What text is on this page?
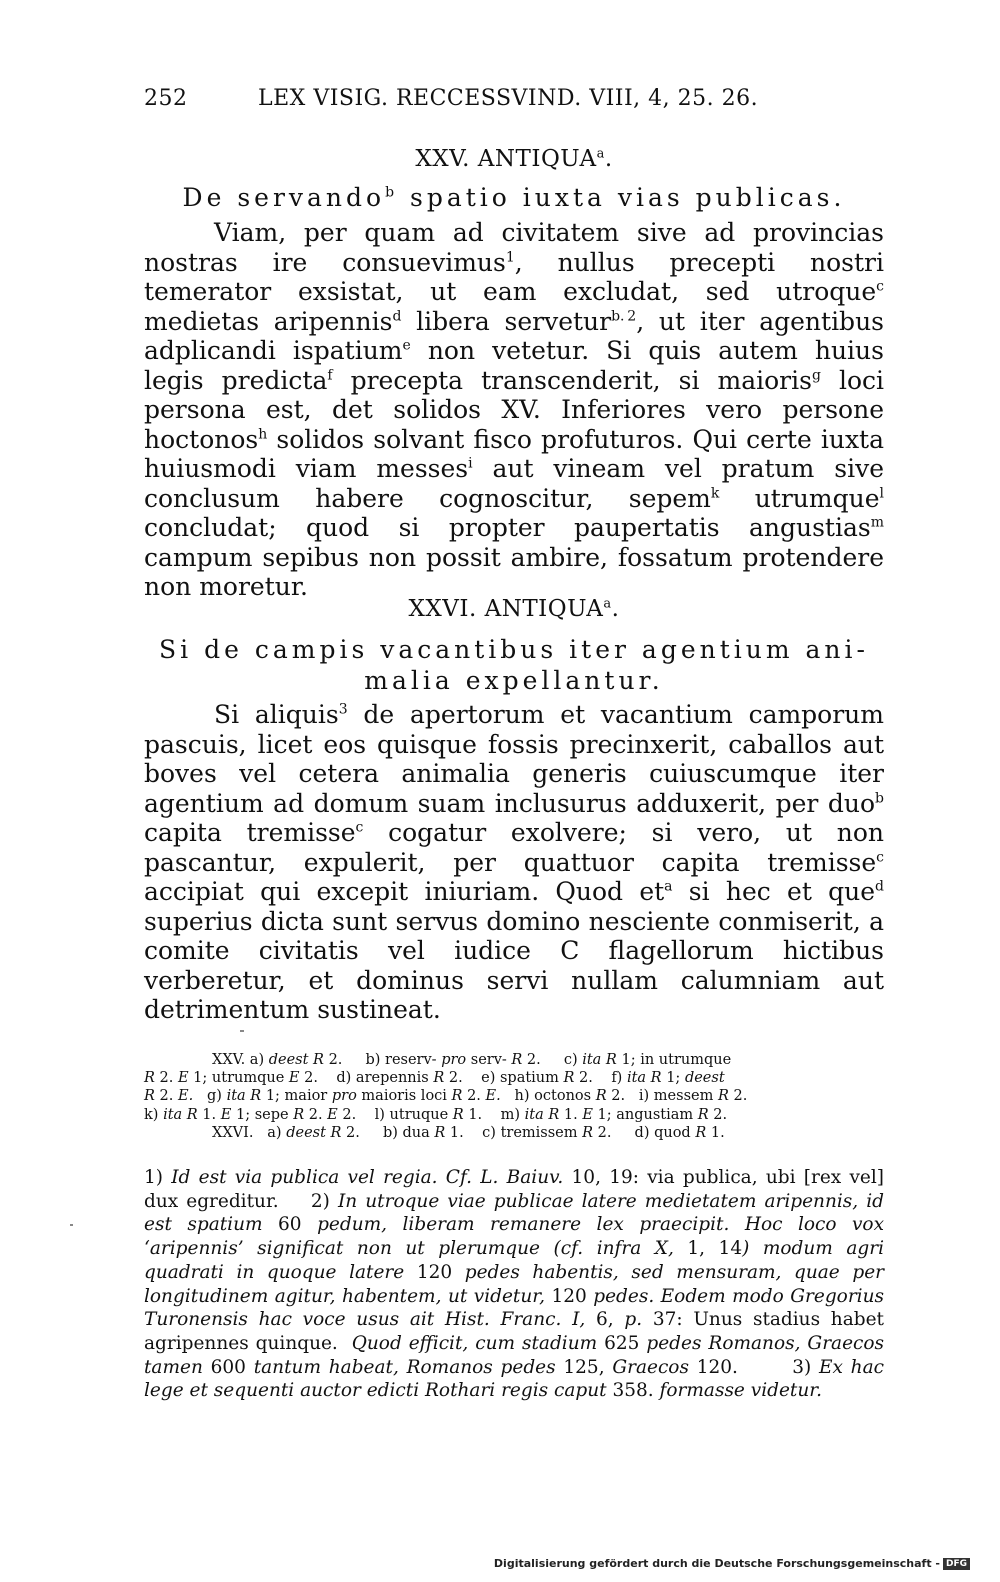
252	LEX VISIG. RECCESSVIND. VIII, 4, 25. 26.
XXV. ANTIQUA$^a$.
De servando$^b$ spatio iuxta vias publicas.
Viam, per quam ad civitatem sive ad provincias nostras ire consuevimus$^1$, nullus precepti nostri temerator exsistat, ut eam excludat, sed utroque$^c$ medietas aripennis$^d$ libera servetur$^{b. 2}$, ut iter agentibus adplicandi ispatium$^e$ non vetetur. Si quis autem huius legis predicta$^f$ precepta transcenderit, si maioris$^g$ loci persona est, det solidos XV. Inferiores vero persone hoctonos$^h$ solidos solvant fisco profuturos. Qui certe iuxta huiusmodi viam messes$^i$ aut vineam vel pratum sive conclusum habere cognoscitur, sepem$^k$ utrumque$^l$ concludat; quod si propter paupertatis angustias$^m$ campum sepibus non possit ambire, fossatum protendere non moretur.
XXVI. ANTIQUA$^a$.
Si de campis vacantibus iter agentium ani-
malia expellantur.
Si aliquis$^3$ de apertorum et vacantium camporum pascuis, licet eos quisque fossis precinxerit, caballos aut boves vel cetera animalia generis cuiuscumque iter agentium ad domum suam inclusurus adduxerit, per duo$^b$ capita tremisse$^c$ cogatur exolvere; si vero, ut non pascantur, expulerit, per quattuor capita tremisse$^c$ accipiat qui excepit iniuriam. Quod $et^a$ si hec et que$^d$ superius dicta sunt servus domino nesciente conmiserit, a comite civitatis vel iudice C flagellorum hictibus verberetur, et dominus servi nullam calumniam aut detrimentum sustineat.
XXV. a) deest R 2.     b) reserv- pro serv- R 2.     c) ita R 1; in utrumque
R 2. E 1; utrumque E 2.    d) arepennis R 2.    e) spatium R 2.    f) ita R 1; deest
R 2. E.   g) ita R 1; maior pro maioris loci R 2. E.   h) octonos R 2.   i) messem R 2.
k) ita R 1. E 1; sepe R 2. E 2.    l) utruque R 1.    m) ita R 1. E 1; angustiam R 2.
XXVI.   a) deest R 2.     b) dua R 1.    c) tremissem R 2.     d) quod R 1.
1) Id est via publica vel regia. Cf. L. Baiuv. 10, 19: via publica, ubi [rex vel] dux egreditur.    2) In utroque viae publicae latere medietatem aripennis, id est spatium 60 pedum, liberam remanere lex praecipit. Hoc loco vox ‘aripennis’ significat non ut plerumque (cf. infra X, 1, 14) modum agri quadrati in quoque latere 120 pedes habentis, sed mensuram, quae per longitudinem agitur, habentem, ut videtur, 120 pedes. Eodem modo Gregorius Turonensis hac voce usus ait Hist. Franc. I, 6, p. 37: Unus stadius habet agripennes quinque.  Quod efficit, cum stadium 625 pedes Romanos, Graecos tamen 600 tantum habeat, Romanos pedes 125, Graecos 120.       3) Ex hac lege et sequenti auctor edicti Rothari regis caput 358. formasse videtur.
Digitalisierung gefördert durch die Deutsche Forschungsgemeinschaft - DFG
